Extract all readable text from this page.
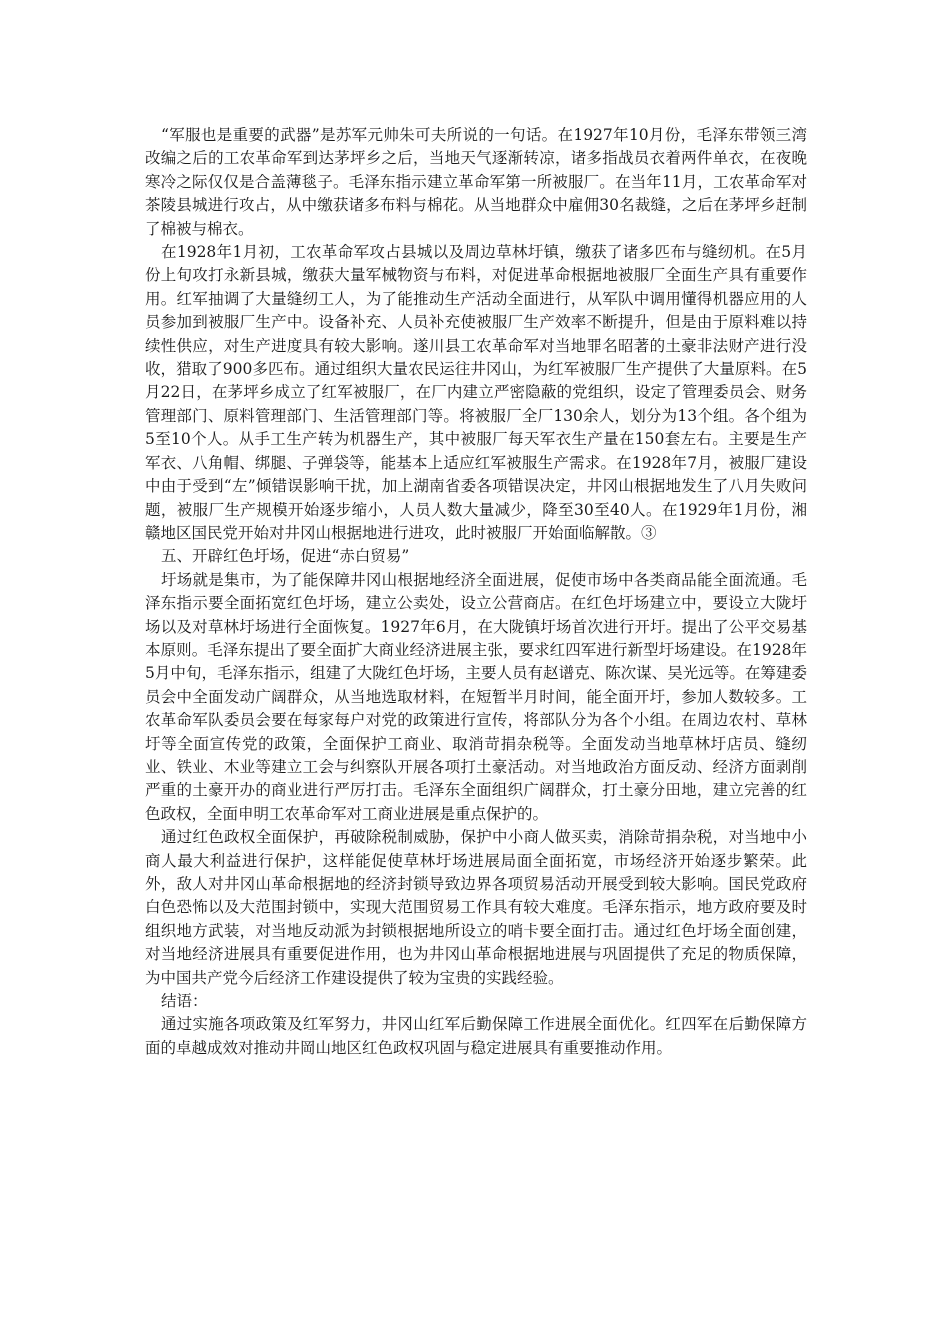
“军服也是重要的武器”是苏军元帅朱可夫所说的一句话。在1927年10月份，毛泽东带领三湾改编之后的工农革命军到达茅坪乡之后，当地天气逐渐转凉，诸多指战员衣着两件单衣，在夜晚寒冷之际仅仅是合盖薄毯子。毛泽东指示建立革命军第一所被服厂。在当年11月，工农革命军对茶陵县城进行攻占，从中缴获诸多布料与棉花。从当地群众中雇佣30名裁缝，之后在茅坪乡赶制了棉被与棉衣。

在1928年1月初，工农革命军攻占县城以及周边草林圩镇，缴获了诸多匹布与缝纫机。在5月份上旬攻打永新县城，缴获大量军械物资与布料，对促进革命根据地被服厂全面生产具有重要作用。红军抽调了大量缝纫工人，为了能推动生产活动全面进行，从军队中调用懂得机器应用的人员参加到被服厂生产中。设备补充、人员补充使被服厂生产效率不断提升，但是由于原料难以持续性供应，对生产进度具有较大影响。遂川县工农革命军对当地罪名昭著的土豪非法财产进行没收，猎取了900多匹布。通过组织大量农民运往井冈山，为红军被服厂生产提供了大量原料。在5月22日，在茅坪乡成立了红军被服厂，在厂内建立严密隐蔽的党组织，设定了管理委员会、财务管理部门、原料管理部门、生活管理部门等。将被服厂全厂130余人，划分为13个组。各个组为5至10个人。从手工生产转为机器生产，其中被服厂每天军衣生产量在150套左右。主要是生产军衣、八角帽、绑腿、子弹袋等，能基本上适应红军被服生产需求。在1928年7月，被服厂建设中由于受到“左”倾错误影响干扰，加上湖南省委各项错误决定，井冈山根据地发生了八月失败问题，被服厂生产规模开始逐步缩小，人员人数大量减少，降至30至40人。在1929年1月份，湘赣地区国民党开始对井冈山根据地进行进攻，此时被服厂开始面临解散。③

五、开辟红色圩场，促进“赤白贸易”

圩场就是集市，为了能保障井冈山根据地经济全面进展，促使市场中各类商品能全面流通。毛泽东指示要全面拓宽红色圩场，建立公卖处，设立公营商店。在红色圩场建立中，要设立大陇圩场以及对草林圩场进行全面恢复。1927年6月，在大陇镇圩场首次进行开圩。提出了公平交易基本原则。毛泽东提出了要全面扩大商业经济进展主张，要求红四军进行新型圩场建设。在1928年5月中旬，毛泽东指示，组建了大陇红色圩场，主要人员有赵谱克、陈次谋、吴光远等。在筹建委员会中全面发动广阔群众，从当地选取材料，在短暂半月时间，能全面开圩，参加人数较多。工农革命军队委员会要在每家每户对党的政策进行宣传，将部队分为各个小组。在周边农村、草林圩等全面宣传党的政策，全面保护工商业、取消苛捐杂税等。全面发动当地草林圩店员、缝纫业、铁业、木业等建立工会与纠察队开展各项打土豪活动。对当地政治方面反动、经济方面剥削严重的土豪开办的商业进行严厉打击。毛泽东全面组织广阔群众，打土豪分田地，建立完善的红色政权，全面申明工农革命军对工商业进展是重点保护的。

通过红色政权全面保护，再破除税制威胁，保护中小商人做买卖，消除苛捐杂税，对当地中小商人最大利益进行保护，这样能促使草林圩场进展局面全面拓宽，市场经济开始逐步繁荣。此外，敌人对井冈山革命根据地的经济封锁导致边界各项贸易活动开展受到较大影响。国民党政府白色恐怖以及大范围封锁中，实现大范围贸易工作具有较大难度。毛泽东指示，地方政府要及时组织地方武装，对当地反动派为封锁根据地所设立的哨卡要全面打击。通过红色圩场全面创建，对当地经济进展具有重要促进作用，也为井冈山革命根据地进展与巩固提供了充足的物质保障，为中国共产党今后经济工作建设提供了较为宝贵的实践经验。

结语：

通过实施各项政策及红军努力，井冈山红军后勤保障工作进展全面优化。红四军在后勤保障方面的卓越成效对推动井岡山地区红色政权巩固与稳定进展具有重要推动作用。
